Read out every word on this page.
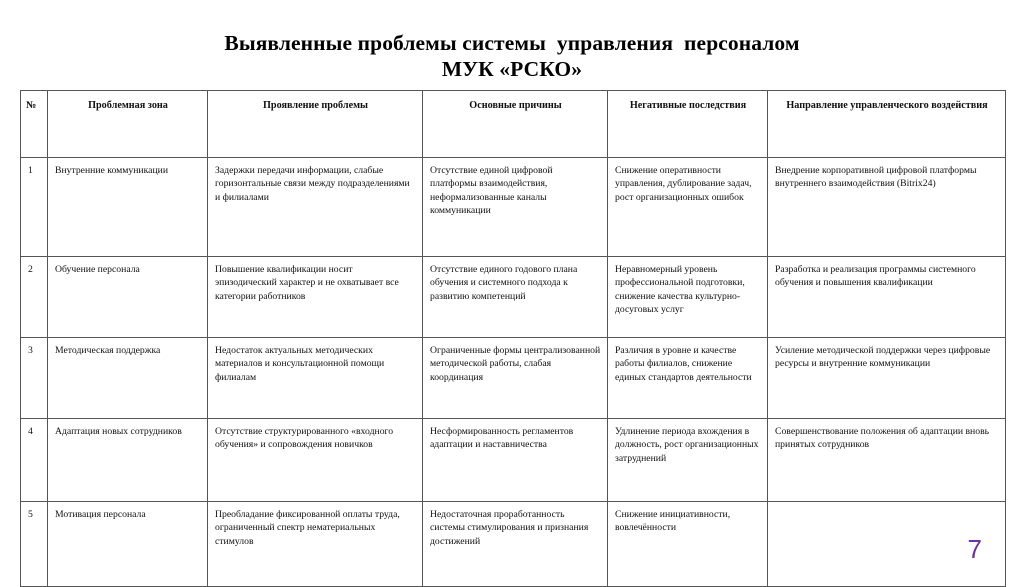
Выявленные проблемы системы  управления  персоналом
МУК «РСКО»
№	Проблемная зона	Проявление проблемы	Основные причины	Негативные последствия	Направление управленческого воздействия

1	Внутренние коммуникации	Задержки передачи информации, слабые горизонтальные связи между подразделениями и филиалами	Отсутствие единой цифровой платформы взаимодействия, неформализованные каналы коммуникации	Снижение оперативности управления, дублирование задач, рост организационных ошибок	Внедрение корпоративной цифровой платформы внутреннего взаимодействия (Bitrix24)

2	Обучение персонала	Повышение квалификации носит эпизодический характер и не охватывает все категории работников	Отсутствие единого годового плана обучения и системного подхода к развитию компетенций	Неравномерный уровень профессиональной подготовки, снижение качества культурно-досуговых услуг	Разработка и реализация программы системного обучения и повышения квалификации

3	Методическая поддержка	Недостаток актуальных методических материалов и консультационной помощи филиалам	Ограниченные формы централизованной методической работы, слабая координация	Различия в уровне и качестве работы филиалов, снижение единых стандартов деятельности	Усиление методической поддержки через цифровые ресурсы и внутренние коммуникации

4	Адаптация новых сотрудников	Отсутствие структурированного «входного обучения» и сопровождения новичков	Несформированность регламентов адаптации и наставничества	Удлинение периода вхождения в должность, рост организационных затруднений	Совершенствование положения об адаптации вновь принятых сотрудников

5	Мотивация персонала	Преобладание фиксированной оплаты труда, ограниченный спектр нематериальных стимулов	Недостаточная проработанность системы стимулирования и признания достижений	Снижение инициативности, вовлечённости	

7
